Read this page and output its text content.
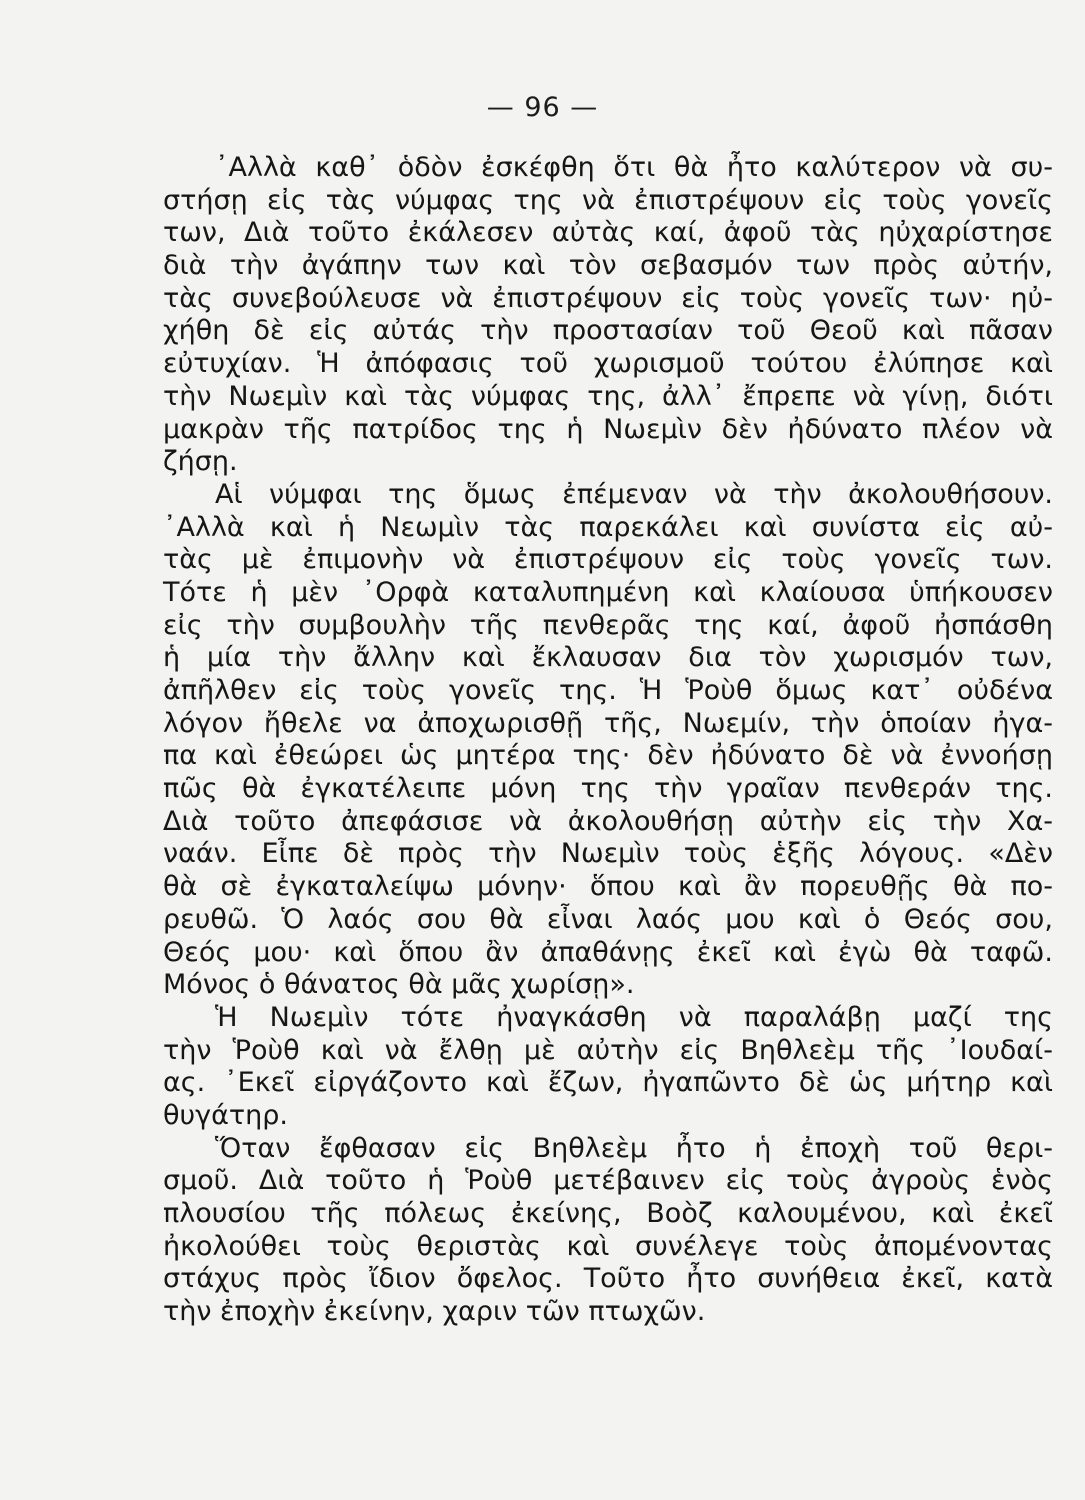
— 96 —
᾿Αλλὰ καθ᾿ ὁδὸν ἐσκέφθη ὅτι θὰ ἦτο καλύτερον νὰ συ-
στήσῃ εἰς τὰς νύμφας της νὰ ἐπιστρέψουν εἰς τοὺς γονεῖς
των, Διὰ τοῦτο ἐκάλεσεν αὐτὰς καί, ἀφοῦ τὰς ηὐχαρίστησε
διὰ τὴν ἀγάπην των καὶ τὸν σεβασμόν των πρὸς αὐτήν,
τὰς συνεβούλευσε νὰ ἐπιστρέψουν εἰς τοὺς γονεῖς των· ηὐ-
χήθη δὲ εἰς αὐτάς τὴν προστασίαν τοῦ Θεοῦ καὶ πᾶσαν
εὐτυχίαν. Ἡ ἀπόφασις τοῦ χωρισμοῦ τούτου ἐλύπησε καὶ
τὴν Νωεμὶν καὶ τὰς νύμφας της, ἀλλ᾿ ἔπρεπε νὰ γίνῃ, διότι
μακρὰν τῆς πατρίδος της ἡ Νωεμὶν δὲν ἠδύνατο πλέον νὰ
ζήσῃ.
Αἱ νύμφαι της ὅμως ἐπέμεναν νὰ τὴν ἀκολουθήσουν.
᾿Αλλὰ καὶ ἡ Νεωμὶν τὰς παρεκάλει καὶ συνίστα εἰς αὐ-
τὰς μὲ ἐπιμονὴν νὰ ἐπιστρέψουν εἰς τοὺς γονεῖς των.
Τότε ἡ μὲν ᾿Ορφὰ καταλυπημένη καὶ κλαίουσα ὑπήκουσεν
εἰς τὴν συμβουλὴν τῆς πενθερᾶς της καί, ἀφοῦ ἠσπάσθη
ἡ μία τὴν ἄλλην καὶ ἔκλαυσαν δια τὸν χωρισμόν των,
ἀπῆλθεν εἰς τοὺς γονεῖς της. Ἡ Ῥοὺθ ὅμως κατ᾿ οὐδένα
λόγον ἤθελε να ἀποχωρισθῇ τῆς, Νωεμίν, τὴν ὁποίαν ἠγα-
πα καὶ ἐθεώρει ὡς μητέρα της· δὲν ἠδύνατο δὲ νὰ ἐννοήσῃ
πῶς θὰ ἐγκατέλειπε μόνη της τὴν γραῖαν πενθεράν της.
Διὰ τοῦτο ἀπεφάσισε νὰ ἀκολουθήσῃ αὐτὴν εἰς τὴν Χα-
ναάν. Εἶπε δὲ πρὸς τὴν Νωεμὶν τοὺς ἑξῆς λόγους. «Δὲν
θὰ σὲ ἐγκαταλείψω μόνην· ὅπου καὶ ἂν πορευθῇς θὰ πο-
ρευθῶ. Ὁ λαός σου θὰ εἶναι λαός μου καὶ ὁ Θεός σου,
Θεός μου· καὶ ὅπου ἂν ἀπαθάνῃς ἐκεῖ καὶ ἐγὼ θὰ ταφῶ.
Μόνος ὁ θάνατος θὰ μᾶς χωρίσῃ».
Ἡ Νωεμὶν τότε ἠναγκάσθη νὰ παραλάβῃ μαζί της
τὴν Ῥοὺθ καὶ νὰ ἔλθῃ μὲ αὐτὴν εἰς Βηθλεὲμ τῆς ᾿Ιουδαί-
ας. ᾿Εκεῖ εἰργάζοντο καὶ ἔζων, ἠγαπῶντο δὲ ὡς μήτηρ καὶ
θυγάτηρ.
Ὅταν ἔφθασαν εἰς Βηθλεὲμ ἦτο ἡ ἐποχὴ τοῦ θερι-
σμοῦ. Διὰ τοῦτο ἡ Ῥοὺθ μετέβαινεν εἰς τοὺς ἀγροὺς ἑνὸς
πλουσίου τῆς πόλεως ἐκείνης, Βοὸζ καλουμένου, καὶ ἐκεῖ
ἠκολούθει τοὺς θεριστὰς καὶ συνέλεγε τοὺς ἀπομένοντας
στάχυς πρὸς ἴδιον ὄφελος. Τοῦτο ἦτο συνήθεια ἐκεῖ, κατὰ
τὴν ἐποχὴν ἐκείνην, χαριν τῶν πτωχῶν.
